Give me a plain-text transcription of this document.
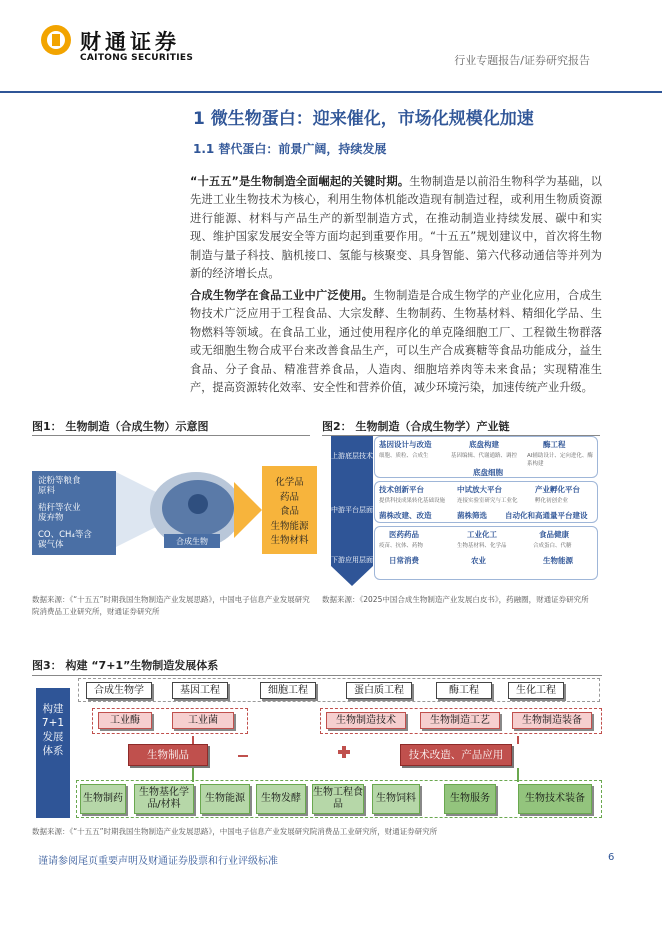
财通证券
CAITONG SECURITIES	行业专题报告/证券研究报告
1 微生物蛋白：迎来催化，市场化规模化加速
1.1 替代蛋白：前景广阔，持续发展
“十五五”是生物制造全面崛起的关键时期。生物制造是以前沿生物科学为基础，以先进工业生物技术为核心，利用生物体机能改造现有制造过程，或利用生物质资源进行能源、材料与产品生产的新型制造方式，在推动制造业持续发展、碳中和实现、维护国家发展安全等方面均起到重要作用。“十五五”规划建议中，首次将生物制造与量子科技、脑机接口、氢能与核聚变、具身智能、第六代移动通信等并列为新的经济增长点。
合成生物学在食品工业中广泛使用。生物制造是合成生物学的产业化应用，合成生物技术广泛应用于工程食品、大宗发酵、生物制药、生物基材料、精细化学品、生物燃料等领域。在食品工业，通过使用程序化的单克隆细胞工厂、工程微生物群落或无细胞生物合成平台来改善食品生产，可以生产合成赛糖等食品功能成分，益生食品、分子食品、精准营养食品，人造肉、细胞培养肉等未来食品；实现精准生产，提高资源转化效率、安全性和营养价值，减少环境污染，加速传统产业升级。
图1： 生物制造（合成生物）示意图
淀粉等粮食原料
秸秆等农业废弃物
CO、CH₄等含碳气体	合成生物
化学品
药品
食品
生物能源
生物材料
数据来源：《“十五五”时期我国生物制造产业发展思路》，中国电子信息产业发展研究院消费品工业研究所，财通证券研究所
图2： 生物制造（合成生物学）产业链
上游底层技术
中游平台层面
下游应用层面
基因设计与改造	底盘构建	酶工程
细胞、质粒、合成生	基因编辑、代谢通路、调控 AI辅助设计、定向进化、酶系构建
底盘细胞
技术创新平台	中试放大平台	产业孵化平台
提供科技成果转化基础设施 连接实验室研究与工业化	孵化初创企业
菌株改建、改造	菌株筛选 自动化和高通量平台建设
医药药品	工业化工	食品健康
疫苗、抗体、药物	生物基材料、化学品	合成蛋白、代糖
日常消费	农业	生物能源
数据来源：《2025中国合成生物制造产业发展白皮书》，药融圈，财通证券研究所
图3： 构建 “7+1”生物制造发展体系
构建7+1发展体系
合成生物学	基因工程	细胞工程	蛋白质工程	酶工程	生化工程
工业酶	工业菌	生物制造技术	生物制造工艺	生物制造装备
生物制品	技术改造、产品应用
生物制药
生物基化学品/材料
生物能源	生物发酵
生物工程食品
生物饲料	生物服务	生物技术装备
数据来源：《“十五五”时期我国生物制造产业发展思路》，中国电子信息产业发展研究院消费品工业研究所，财通证券研究所
谨请参阅尾页重要声明及财通证券股票和行业评级标准	6
